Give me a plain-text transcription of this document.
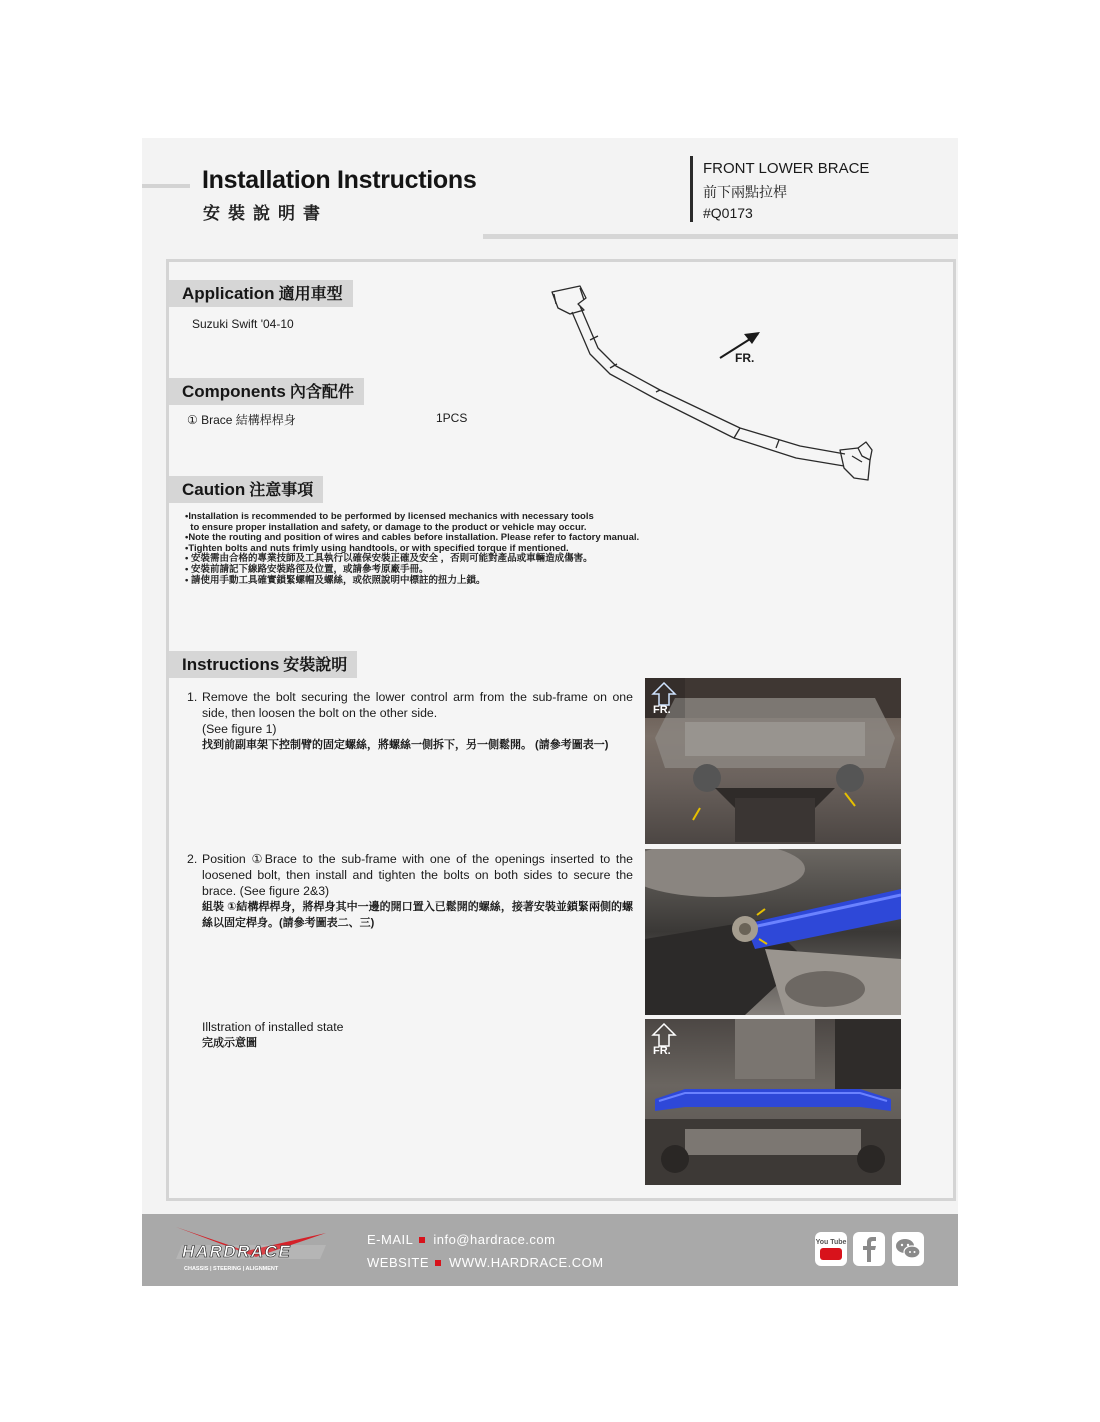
Installation Instructions
安裝說明書
FRONT LOWER BRACE
前下兩點拉桿
#Q0173
Application 適用車型
Suzuki Swift '04-10
Components 內含配件
① Brace 結構桿桿身	1PCS
FR.
Caution 注意事項
•Installation is recommended to be performed by licensed mechanics with necessary tools
to ensure proper installation and safety, or damage to the product or vehicle may occur.
•Note the routing and position of wires and cables before installation. Please refer to factory manual.
•Tighten bolts and nuts frimly using handtools, or with specified torque if mentioned.
• 安裝需由合格的專業技師及工具執行以確保安裝正確及安全 ，否則可能對產品或車輛造成傷害。
• 安裝前請記下線路安裝路徑及位置，或請參考原廠手冊。
• 請使用手動工具確實鎖緊螺帽及螺絲，或依照說明中標註的扭力上鎖。
Instructions 安裝說明
1. Remove the bolt securing the lower control arm from the sub-frame on one side, then loosen the bolt on the other side.
(See figure 1)
找到前副車架下控制臂的固定螺絲，將螺絲一側拆下，另一側鬆開。 (請參考圖表一)
2. Position ①Brace to the sub-frame with one of the openings inserted to the loosened bolt, then install and tighten the bolts on both sides to secure the brace. (See figure 2&3)
組裝 ①結構桿桿身，將桿身其中一邊的開口置入已鬆開的螺絲，接著安裝並鎖緊兩側的螺絲以固定桿身。(請參考圖表二、三)
Illstration of installed state
完成示意圖
FR.
FR.
HARDRACE
CHASSIS | STEERING | ALIGNMENT
E-MAIL info@hardrace.com
WEBSITE WWW.HARDRACE.COM
You Tube
